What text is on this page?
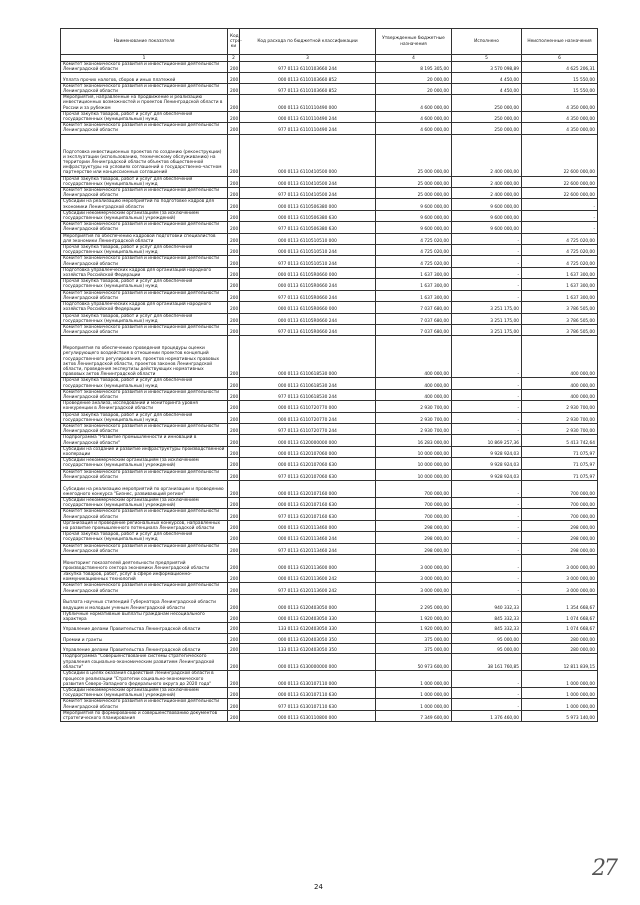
Наименование показателя	Код стро- ки	Код расхода по бюджетной классификации	Утвержденные бюджетные назначения	Исполнено	Неисполненные назначения
1	2	3	4	5	6
Комитет экономического развития и инвестиционной деятельности Ленинградской области	200	977 0113 6110103660 244	8 195 305,00	3 570 098,89	4 625 206,31
Уплата прочих налогов, сборов и иных платежей	200	000 0113 6110103660 852	20 000,00	4 450,00	15 550,00
Комитет экономического развития и инвестиционной деятельности Ленинградской области	200	977 0113 6110103660 852	20 000,00	4 450,00	15 550,00
Мероприятия, направленные на продвижение и реализацию инвестиционных возможностей и проектов Ленинградской области в России и за рубежом	200	000 0113 6110110490 000	4 600 000,00	250 000,00	4 350 000,00
Прочая закупка товаров, работ и услуг для обеспечения государственных (муниципальных) нужд	200	000 0113 6110110490 244	4 600 000,00	250 000,00	4 350 000,00
Комитет экономического развития и инвестиционной деятельности Ленинградской области	200	977 0113 6110110490 244	4 600 000,00	250 000,00	4 350 000,00
Подготовка инвестиционных проектов по созданию (реконструкции) и эксплуатации (использованию, техническому обслуживанию) на территории Ленинградской области объектов общественной инфраструктуры на условиях соглашений о государственно-частном партнерстве или концессионных соглашений	200	000 0113 6110410500 000	25 000 000,00	2 400 000,00	22 600 000,00
Прочая закупка товаров, работ и услуг для обеспечения государственных (муниципальных) нужд	200	000 0113 6110410500 244	25 000 000,00	2 400 000,00	22 600 000,00
Комитет экономического развития и инвестиционной деятельности Ленинградской области	200	977 0113 6110410500 244	25 000 000,00	2 400 000,00	22 600 000,00
Субсидии на реализацию мероприятий по подготовке кадров для экономики Ленинградской области	200	000 0113 6110506380 000	9 600 000,00	9 600 000,00	-
Субсидии некоммерческим организациям (за исключением государственных (муниципальных) учреждений)	200	000 0113 6110506380 630	9 600 000,00	9 600 000,00	-
Комитет экономического развития и инвестиционной деятельности Ленинградской области	200	977 0113 6110506380 630	9 600 000,00	9 600 000,00	-
Мероприятия по обеспечению кадровой подготовки специалистов для экономики Ленинградской области	200	000 0113 6110510510 000	4 725 020,00	-	4 725 020,00
Прочая закупка товаров, работ и услуг для обеспечения государственных (муниципальных) нужд	200	000 0113 6110510510 244	4 725 020,00	-	4 725 020,00
Комитет экономического развития и инвестиционной деятельности Ленинградской области	200	977 0113 6110510510 244	4 725 020,00	-	4 725 020,00
Подготовка управленческих кадров для организаций народного хозяйства Российской Федерации	200	000 0113 61105R0660 000	1 637 300,00	-	1 637 300,00
Прочая закупка товаров, работ и услуг для обеспечения государственных (муниципальных) нужд	200	000 0113 61105R0660 244	1 637 300,00	-	1 637 300,00
Комитет экономического развития и инвестиционной деятельности Ленинградской области	200	977 0113 61105R0660 244	1 637 300,00	-	1 637 300,00
Подготовка управленческих кадров для организаций народного хозяйства Российской Федерации	200	000 0113 61105R0660 000	7 037 680,00	3 251 175,00	3 786 505,00
Прочая закупка товаров, работ и услуг для обеспечения государственных (муниципальных) нужд	200	000 0113 61105R0660 244	7 037 680,00	3 251 175,00	3 786 505,00
Комитет экономического развития и инвестиционной деятельности Ленинградской области	200	977 0113 61105R0660 244	7 037 680,00	3 251 175,00	3 786 505,00
Мероприятия по обеспечению проведения процедуры оценки регулирующего воздействия в отношении проектов концепций государственного регулирования, проектов нормативных правовых актов Ленинградской области, проектов законов Ленинградской области, проведения экспертизы действующих нормативных правовых актов Ленинградской области	200	000 0113 6110618530 000	400 000,00	-	400 000,00
Прочая закупка товаров, работ и услуг для обеспечения государственных (муниципальных) нужд	200	000 0113 6110618530 244	400 000,00	-	400 000,00
Комитет экономического развития и инвестиционной деятельности Ленинградской области	200	977 0113 6110618530 244	400 000,00	-	400 000,00
Проведение анализа, исследований и мониторинга уровня конкуренции в Ленинградской области	200	000 0113 6110720770 000	2 930 700,00	-	2 930 700,00
Прочая закупка товаров, работ и услуг для обеспечения государственных (муниципальных) нужд	200	000 0113 6110720770 244	2 930 700,00	-	2 930 700,00
Комитет экономического развития и инвестиционной деятельности Ленинградской области	200	977 0113 6110720770 244	2 930 700,00	-	2 930 700,00
Подпрограмма "Развитие промышленности и инноваций в Ленинградской области"	200	000 0113 6120000000 000	16 283 000,00	10 869 257,36	5 413 742,64
Субсидии на создание и развитие инфраструктуры производственной кооперации	200	000 0113 6120107060 000	10 000 000,00	9 928 924,03	71 075,97
Субсидии некоммерческим организациям (за исключением государственных (муниципальных) учреждений)	200	000 0113 6120107060 630	10 000 000,00	9 928 924,03	71 075,97
Комитет экономического развития и инвестиционной деятельности Ленинградской области	200	977 0113 6120107060 630	10 000 000,00	9 928 924,03	71 075,97
Субсидии на реализацию мероприятий по организации и проведению ежегодного конкурса "Бизнес, развивающий регион"	200	000 0113 6120107160 000	700 000,00	-	700 000,00
Субсидии некоммерческим организациям (за исключением государственных (муниципальных) учреждений)	200	000 0113 6120107160 630	700 000,00	-	700 000,00
Комитет экономического развития и инвестиционной деятельности Ленинградской области	200	977 0113 6120107160 630	700 000,00	-	700 000,00
Организация и проведение региональных конкурсов, направленных на развитие промышленного потенциала Ленинградской области	200	000 0113 6120113460 000	298 000,00	-	298 000,00
Прочая закупка товаров, работ и услуг для обеспечения государственных (муниципальных) нужд	200	000 0113 6120113460 244	298 000,00	-	298 000,00
Комитет экономического развития и инвестиционной деятельности Ленинградской области	200	977 0113 6120113460 244	298 000,00	-	298 000,00
Мониторинг показателей деятельности предприятий производственного сектора экономики Ленинградской области	200	000 0113 6120113600 000	3 000 000,00	-	3 000 000,00
Закупка товаров, работ, услуг в сфере информационно-коммуникационных технологий	200	000 0113 6120113600 242	3 000 000,00	-	3 000 000,00
Комитет экономического развития и инвестиционной деятельности Ленинградской области	200	977 0113 6120113600 242	3 000 000,00	-	3 000 000,00
Выплата научных стипендий Губернатора Ленинградской области ведущим и молодым ученым Ленинградской области	200	000 0113 6120403050 000	2 295 000,00	940 332,33	1 354 668,67
Публичные нормативные выплаты гражданам несоциального характера	200	000 0113 6120403050 330	1 920 000,00	845 332,33	1 074 668,67
Управление делами Правительства Ленинградской области	200	133 0113 6120403050 330	1 920 000,00	845 332,33	1 074 668,67
Премии и гранты	200	000 0113 6120403050 350	375 000,00	95 000,00	280 000,00
Управление делами Правительства Ленинградской области	200	133 0113 6120403050 350	375 000,00	95 000,00	280 000,00
Подпрограмма "Совершенствование системы стратегического управления социально-экономическим развитием Ленинградской области"	200	000 0113 6130000000 000	50 973 600,00	38 161 760,85	12 811 839,15
Субсидии в целях оказания содействия Ленинградской области в процессе реализации "Стратегии социально-экономического развития Северо-Западного федерального округа до 2020 года"	200	000 0113 6130107110 000	1 000 000,00	-	1 000 000,00
Субсидии некоммерческим организациям (за исключением государственных (муниципальных) учреждений)	200	000 0113 6130107110 630	1 000 000,00	-	1 000 000,00
Комитет экономического развития и инвестиционной деятельности Ленинградской области	200	977 0113 6130107110 630	1 000 000,00	-	1 000 000,00
Мероприятия по формированию и совершенствованию документов стратегического планирования	200	000 0113 6130110800 000	7 349 600,00	1 376 460,00	5 973 140,00
24
27
